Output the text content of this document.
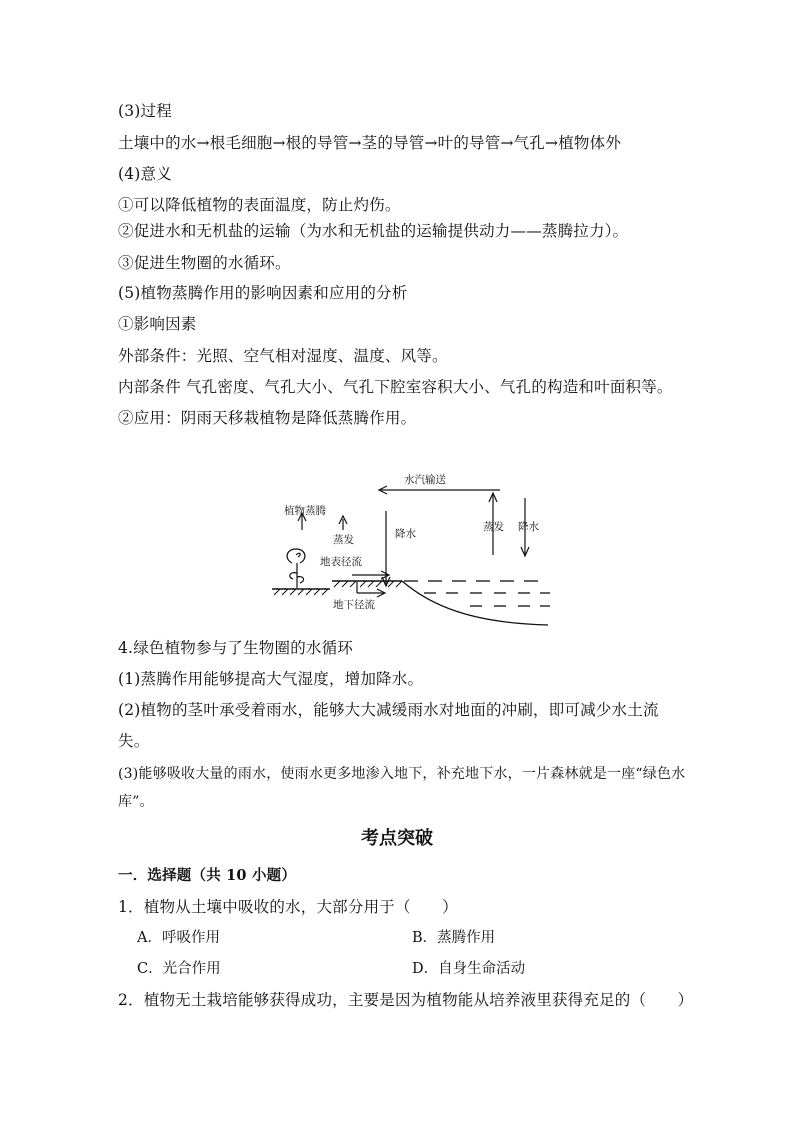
(3)过程
土壤中的水→根毛细胞→根的导管→茎的导管→叶的导管→气孔→植物体外
(4)意义
①可以降低植物的表面温度，防止灼伤。
②促进水和无机盐的运输（为水和无机盐的运输提供动力——蒸腾拉力）。
③促进生物圈的水循环。
(5)植物蒸腾作用的影响因素和应用的分析
①影响因素
外部条件：光照、空气相对湿度、温度、风等。
内部条件 气孔密度、气孔大小、气孔下腔室容积大小、气孔的构造和叶面积等。
②应用：阴雨天移栽植物是降低蒸腾作用。
水汽输送
植物蒸腾
蒸发
地表径流
地下径流
降水
蒸发 降水
4.绿色植物参与了生物圈的水循环
(1)蒸腾作用能够提高大气湿度，增加降水。
(2)植物的茎叶承受着雨水，能够大大减缓雨水对地面的冲刷，即可减少水土流
失。
(3)能够吸收大量的雨水，使雨水更多地渗入地下，补充地下水，一片森林就是一座“绿色水
库”。
考点突破
一．选择题（共 10 小题）
1．植物从土壤中吸收的水，大部分用于（　　）
A．呼吸作用	B．蒸腾作用
C．光合作用	D．自身生命活动
2．植物无土栽培能够获得成功，主要是因为植物能从培养液里获得充足的（　　）
